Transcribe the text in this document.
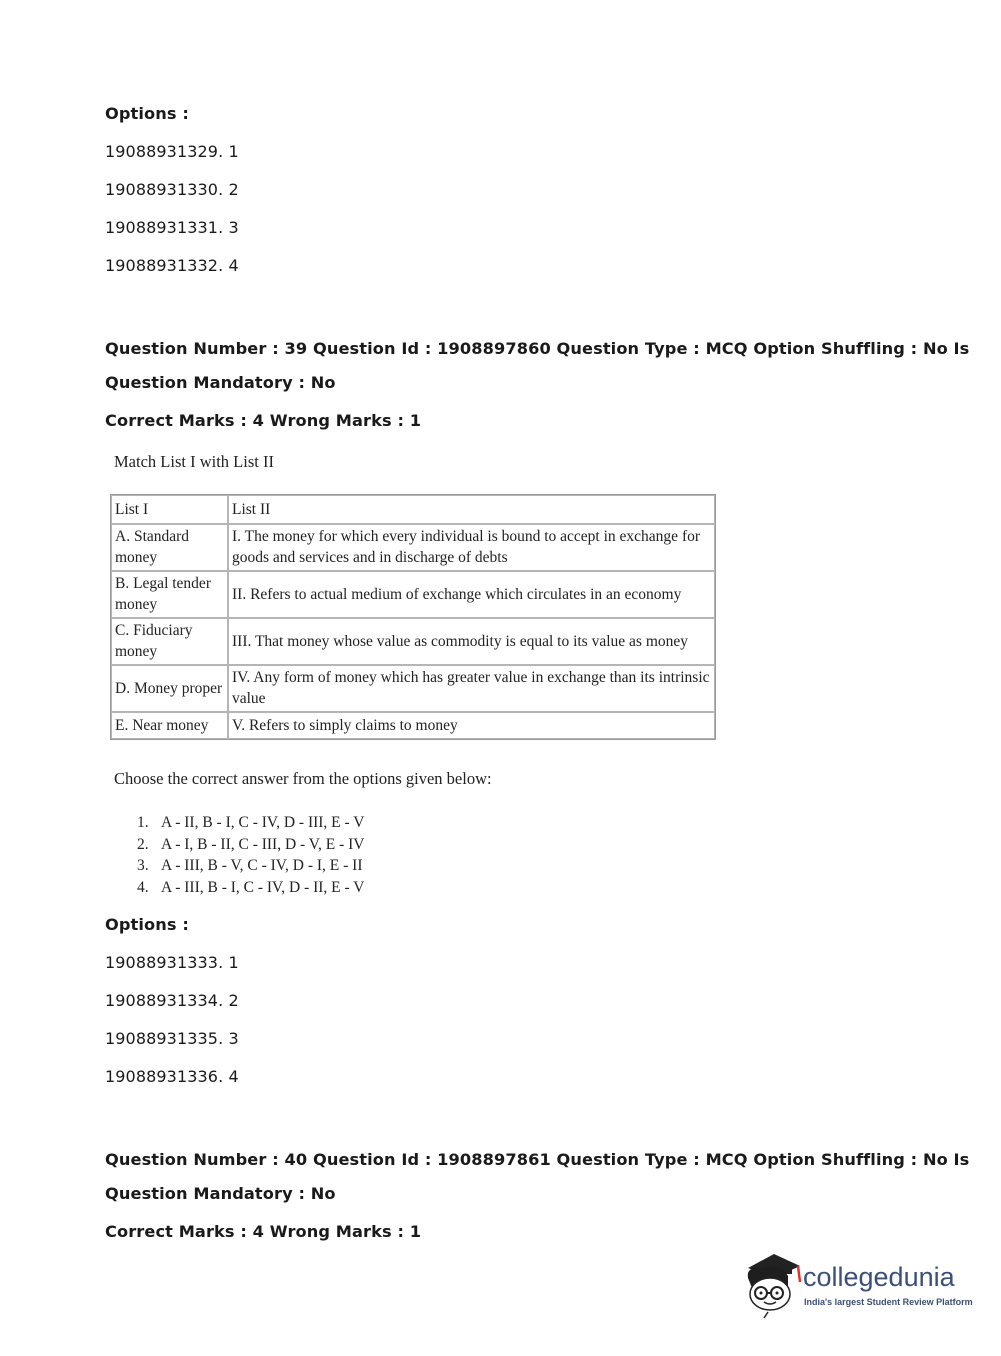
Options :
19088931329. 1
19088931330. 2
19088931331. 3
19088931332. 4
Question Number : 39 Question Id : 1908897860 Question Type : MCQ Option Shuffling : No Is
Question Mandatory : No
Correct Marks : 4 Wrong Marks : 1
Match List I with List II
List I	List II
A. Standard money	I. The money for which every individual is bound to accept in exchange for goods and services and in discharge of debts
B. Legal tender money	II. Refers to actual medium of exchange which circulates in an economy
C. Fiduciary money	III. That money whose value as commodity is equal to its value as money
D. Money proper	IV. Any form of money which has greater value in exchange than its intrinsic value
E. Near money	V. Refers to simply claims to money
Choose the correct answer from the options given below:
1. A - II, B - I, C - IV, D - III, E - V
2. A - I, B - II, C - III, D - V, E - IV
3. A - III, B - V, C - IV, D - I, E - II
4. A - III, B - I, C - IV, D - II, E - V
Options :
19088931333. 1
19088931334. 2
19088931335. 3
19088931336. 4
Question Number : 40 Question Id : 1908897861 Question Type : MCQ Option Shuffling : No Is
Question Mandatory : No
Correct Marks : 4 Wrong Marks : 1
collegedunia
India's largest Student Review Platform
